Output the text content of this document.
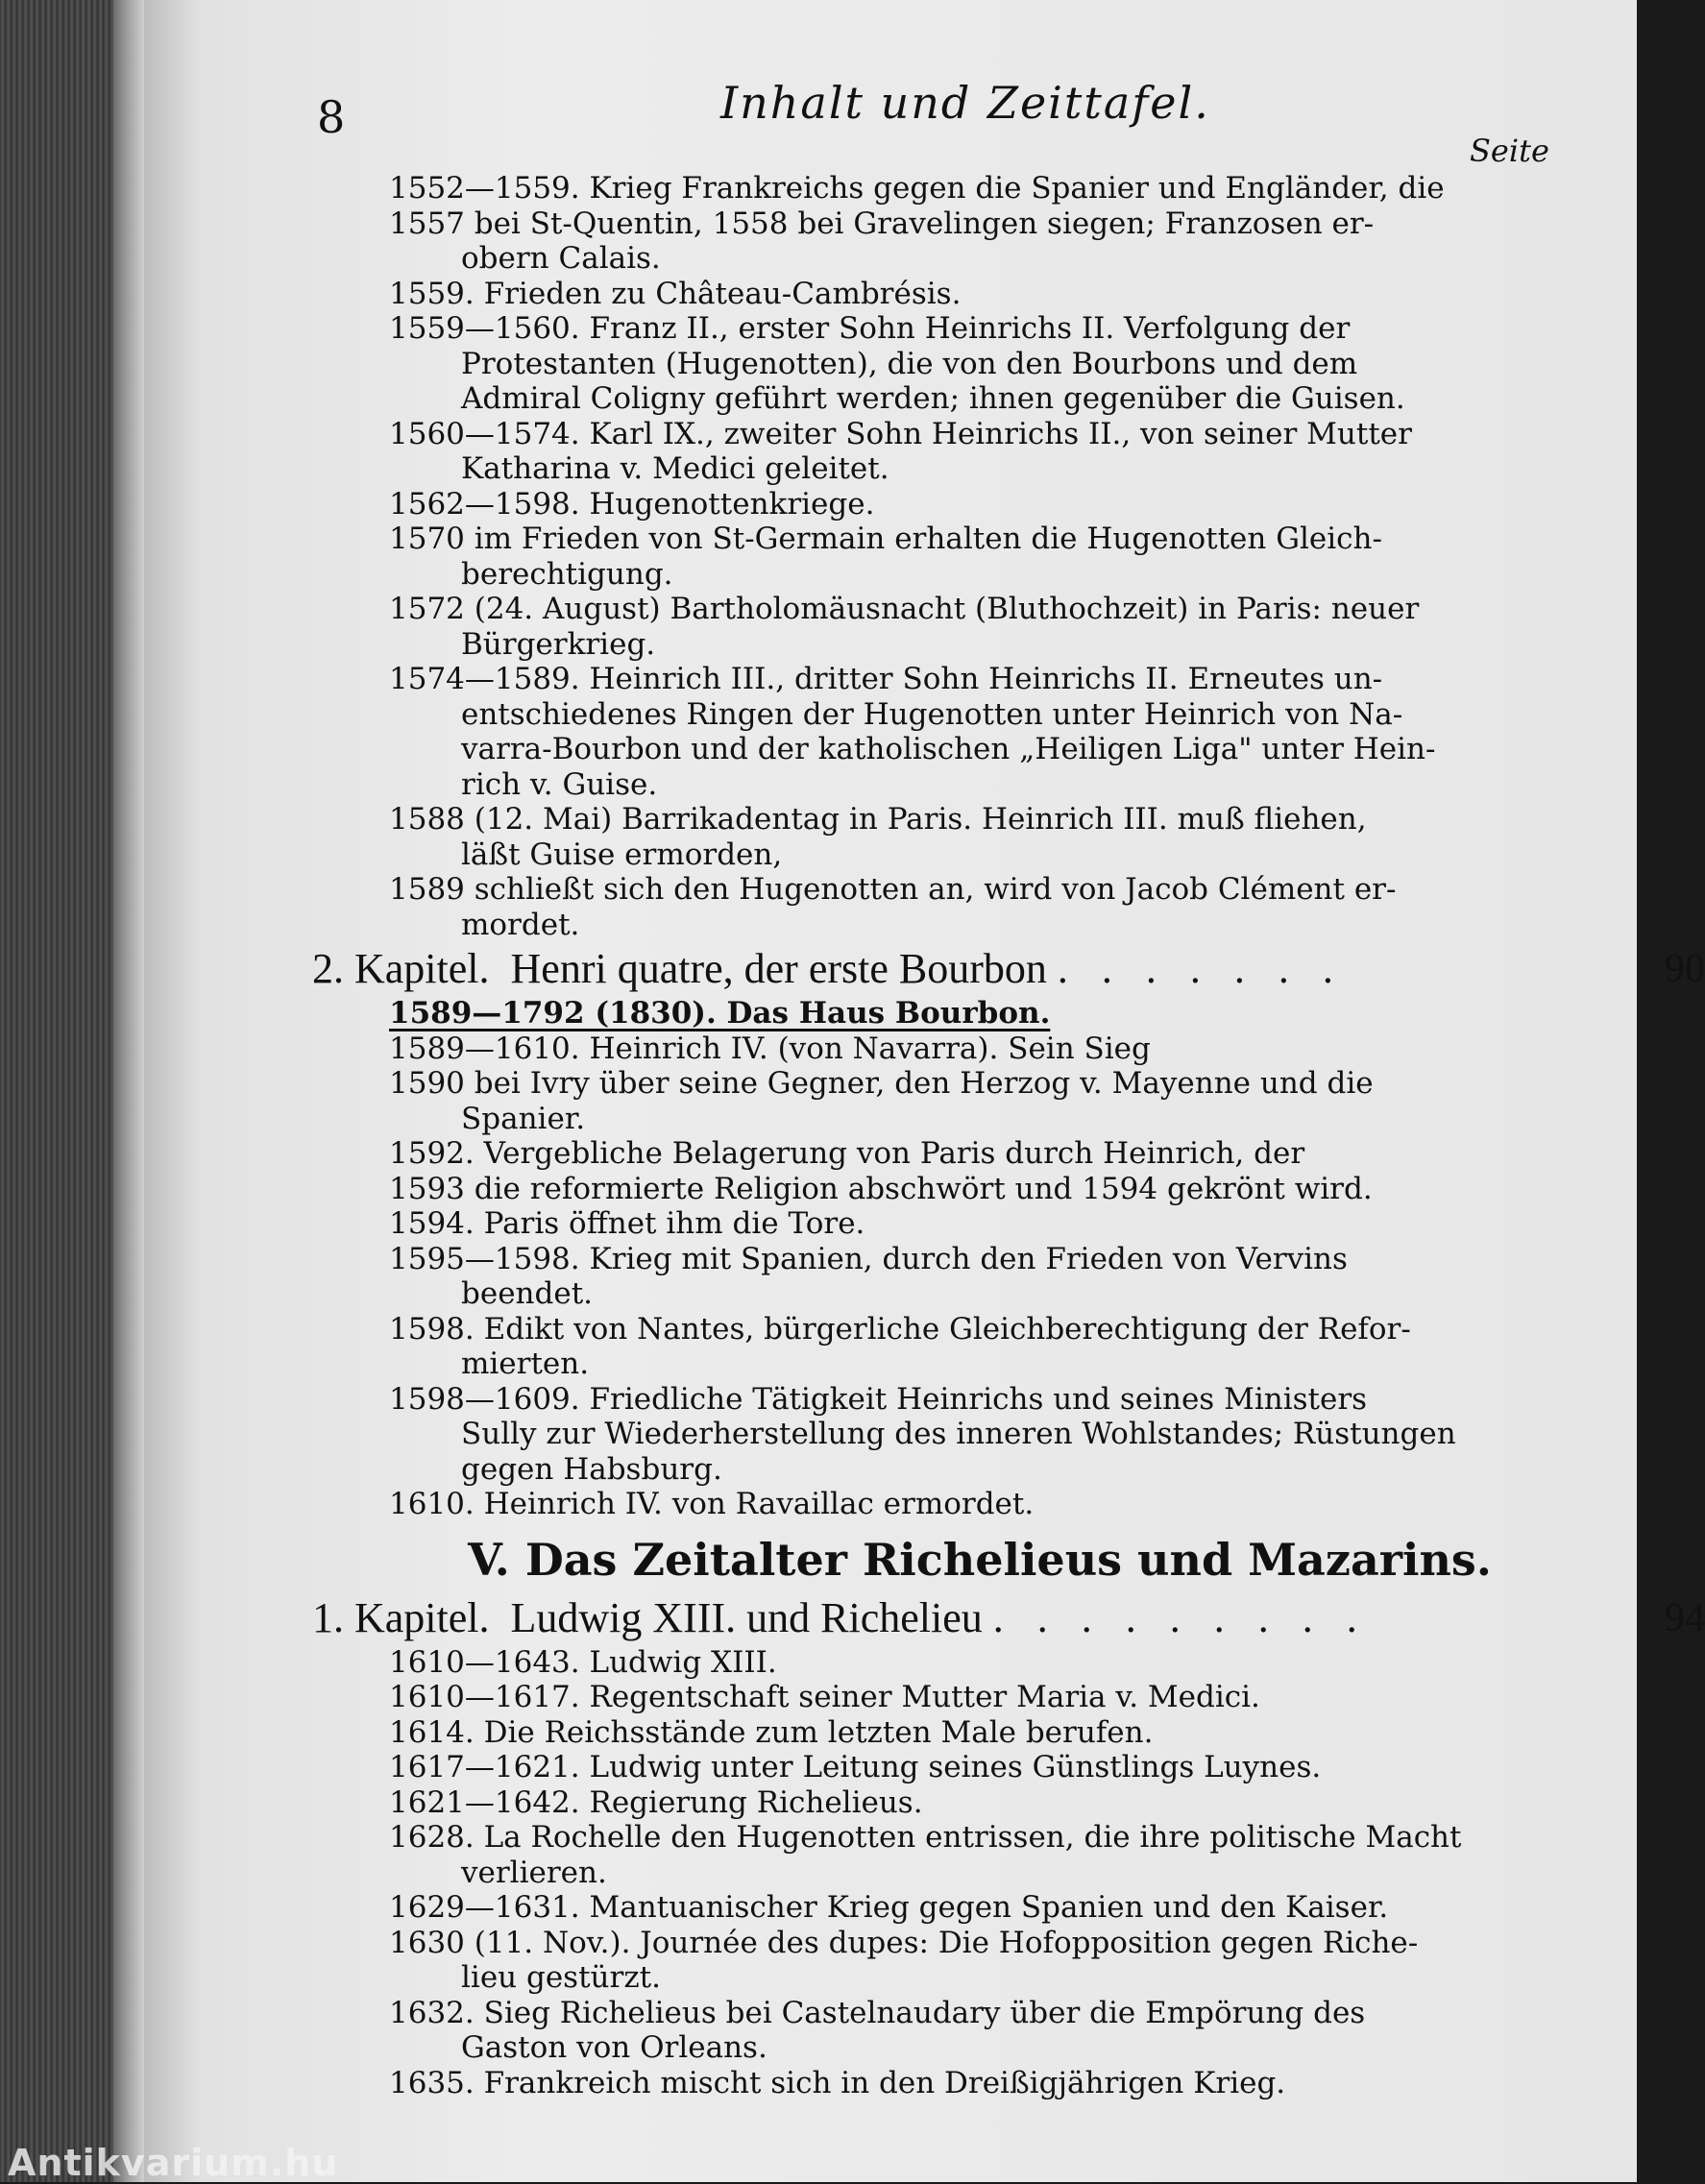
8	Inhalt und Zeittafel.
Seite
1552—1559. Krieg Frankreichs gegen die Spanier und Engländer, die
1557 bei St-Quentin, 1558 bei Gravelingen siegen; Franzosen er-
obern Calais.
1559. Frieden zu Château-Cambrésis.
1559—1560. Franz II., erster Sohn Heinrichs II. Verfolgung der
Protestanten (Hugenotten), die von den Bourbons und dem
Admiral Coligny geführt werden; ihnen gegenüber die Guisen.
1560—1574. Karl IX., zweiter Sohn Heinrichs II., von seiner Mutter
Katharina v. Medici geleitet.
1562—1598. Hugenottenkriege.
1570 im Frieden von St-Germain erhalten die Hugenotten Gleich-
berechtigung.
1572 (24. August) Bartholomäusnacht (Bluthochzeit) in Paris: neuer
Bürgerkrieg.
1574—1589. Heinrich III., dritter Sohn Heinrichs II. Erneutes un-
entschiedenes Ringen der Hugenotten unter Heinrich von Na-
varra-Bourbon und der katholischen „Heiligen Liga" unter Hein-
rich v. Guise.
1588 (12. Mai) Barrikadentag in Paris. Heinrich III. muß fliehen,
läßt Guise ermorden,
1589 schließt sich den Hugenotten an, wird von Jacob Clément er-
mordet.
2. Kapitel. Henri quatre, der erste Bourbon . . . . . . .	90
1589—1792 (1830). Das Haus Bourbon.
1589—1610. Heinrich IV. (von Navarra). Sein Sieg
1590 bei Ivry über seine Gegner, den Herzog v. Mayenne und die
Spanier.
1592. Vergebliche Belagerung von Paris durch Heinrich, der
1593 die reformierte Religion abschwört und 1594 gekrönt wird.
1594. Paris öffnet ihm die Tore.
1595—1598. Krieg mit Spanien, durch den Frieden von Vervins
beendet.
1598. Edikt von Nantes, bürgerliche Gleichberechtigung der Refor-
mierten.
1598—1609. Friedliche Tätigkeit Heinrichs und seines Ministers
Sully zur Wiederherstellung des inneren Wohlstandes; Rüstungen
gegen Habsburg.
1610. Heinrich IV. von Ravaillac ermordet.
V. Das Zeitalter Richelieus und Mazarins.
1. Kapitel. Ludwig XIII. und Richelieu . . . . . . . . .	94
1610—1643. Ludwig XIII.
1610—1617. Regentschaft seiner Mutter Maria v. Medici.
1614. Die Reichsstände zum letzten Male berufen.
1617—1621. Ludwig unter Leitung seines Günstlings Luynes.
1621—1642. Regierung Richelieus.
1628. La Rochelle den Hugenotten entrissen, die ihre politische Macht
verlieren.
1629—1631. Mantuanischer Krieg gegen Spanien und den Kaiser.
1630 (11. Nov.). Journée des dupes: Die Hofopposition gegen Riche-
lieu gestürzt.
1632. Sieg Richelieus bei Castelnaudary über die Empörung des
Gaston von Orleans.
1635. Frankreich mischt sich in den Dreißigjährigen Krieg.
Antikvarium.hu
